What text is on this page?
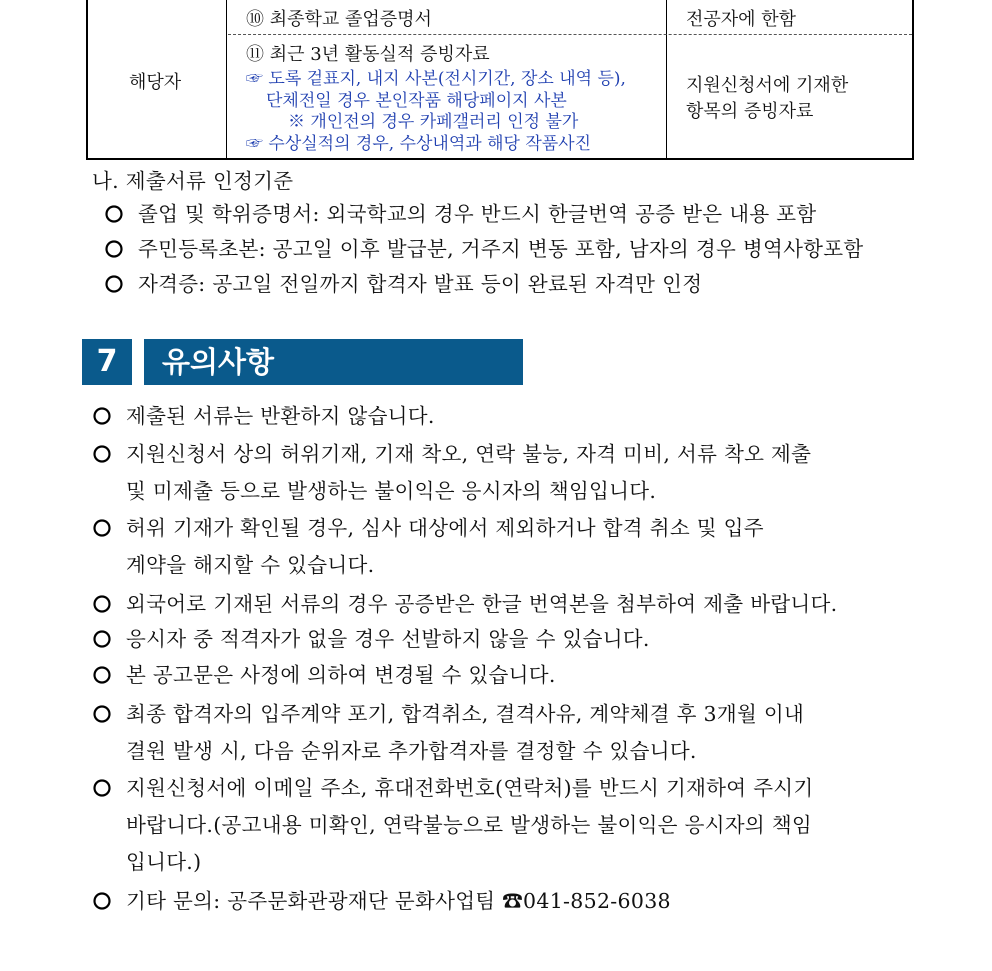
해당자
⑩ 최종학교 졸업증명서	전공자에 한함
⑪ 최근 3년 활동실적 증빙자료
☞ 도록 겉표지, 내지 사본(전시기간, 장소 내역 등),
단체전일 경우 본인작품 해당페이지 사본
※ 개인전의 경우 카페갤러리 인정 불가
☞ 수상실적의 경우, 수상내역과 해당 작품사진
지원신청서에 기재한
항목의 증빙자료
나. 제출서류 인정기준
졸업 및 학위증명서: 외국학교의 경우 반드시 한글번역 공증 받은 내용 포함
주민등록초본: 공고일 이후 발급분, 거주지 변동 포함, 남자의 경우 병역사항포함
자격증: 공고일 전일까지 합격자 발표 등이 완료된 자격만 인정
7	유의사항
제출된 서류는 반환하지 않습니다.
지원신청서 상의 허위기재, 기재 착오, 연락 불능, 자격 미비, 서류 착오 제출
및 미제출 등으로 발생하는 불이익은 응시자의 책임입니다.
허위 기재가 확인될 경우, 심사 대상에서 제외하거나 합격 취소 및 입주
계약을 해지할 수 있습니다.
외국어로 기재된 서류의 경우 공증받은 한글 번역본을 첨부하여 제출 바랍니다.
응시자 중 적격자가 없을 경우 선발하지 않을 수 있습니다.
본 공고문은 사정에 의하여 변경될 수 있습니다.
최종 합격자의 입주계약 포기, 합격취소, 결격사유, 계약체결 후 3개월 이내
결원 발생 시, 다음 순위자로 추가합격자를 결정할 수 있습니다.
지원신청서에 이메일 주소, 휴대전화번호(연락처)를 반드시 기재하여 주시기
바랍니다.(공고내용 미확인, 연락불능으로 발생하는 불이익은 응시자의 책임
입니다.)
기타 문의: 공주문화관광재단 문화사업팀 ☎041-852-6038
